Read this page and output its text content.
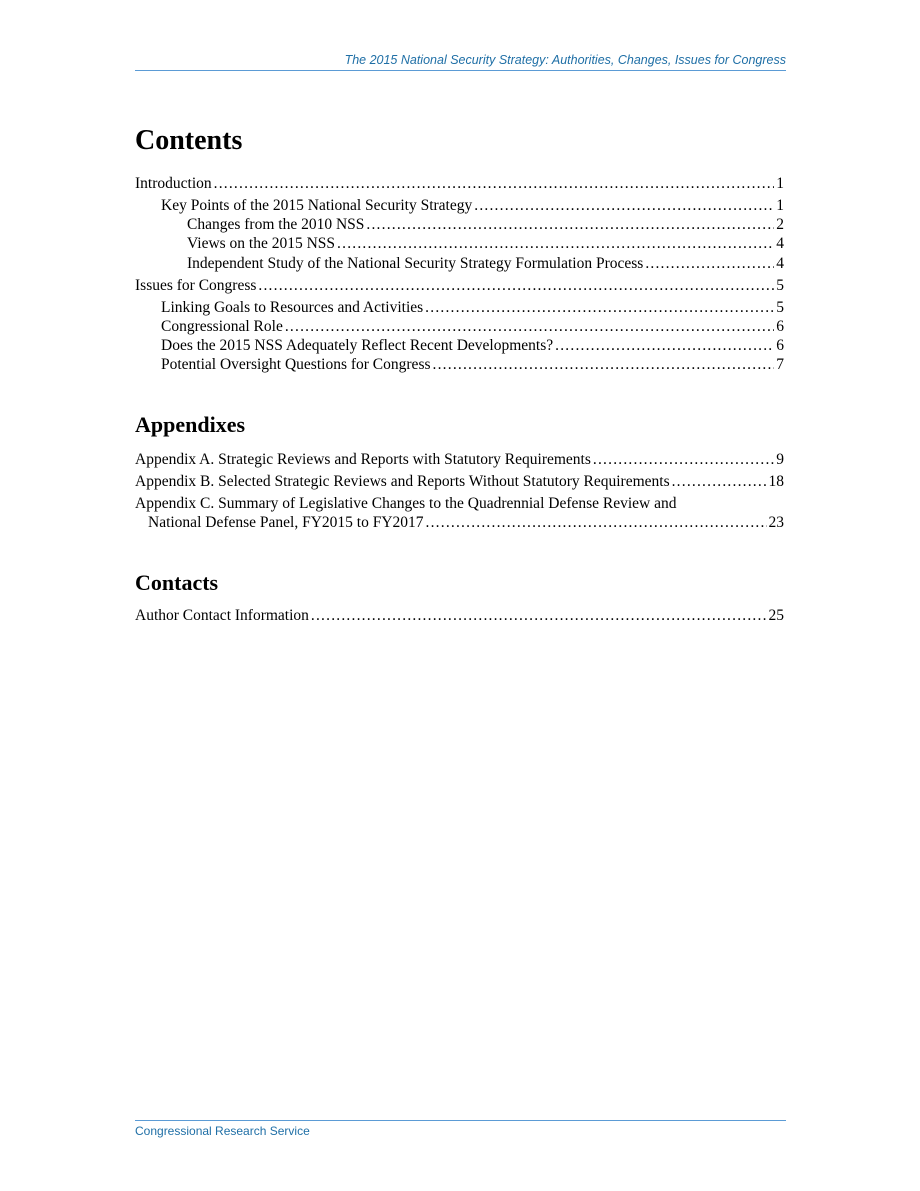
The 2015 National Security Strategy: Authorities, Changes, Issues for Congress
Contents
Introduction .....	1
Key Points of the 2015 National Security Strategy .....	1
Changes from the 2010 NSS .....	2
Views on the 2015 NSS .....	4
Independent Study of the National Security Strategy Formulation Process .....	4
Issues for Congress .....	5
Linking Goals to Resources and Activities .....	5
Congressional Role .....	6
Does the 2015 NSS Adequately Reflect Recent Developments? .....	6
Potential Oversight Questions for Congress .....	7
Appendixes
Appendix A. Strategic Reviews and Reports with Statutory Requirements .....	9
Appendix B. Selected Strategic Reviews and Reports Without Statutory Requirements .....	18
Appendix C. Summary of Legislative Changes to the Quadrennial Defense Review and
National Defense Panel, FY2015 to FY2017 .....	23
Contacts
Author Contact Information .....	25
Congressional Research Service
